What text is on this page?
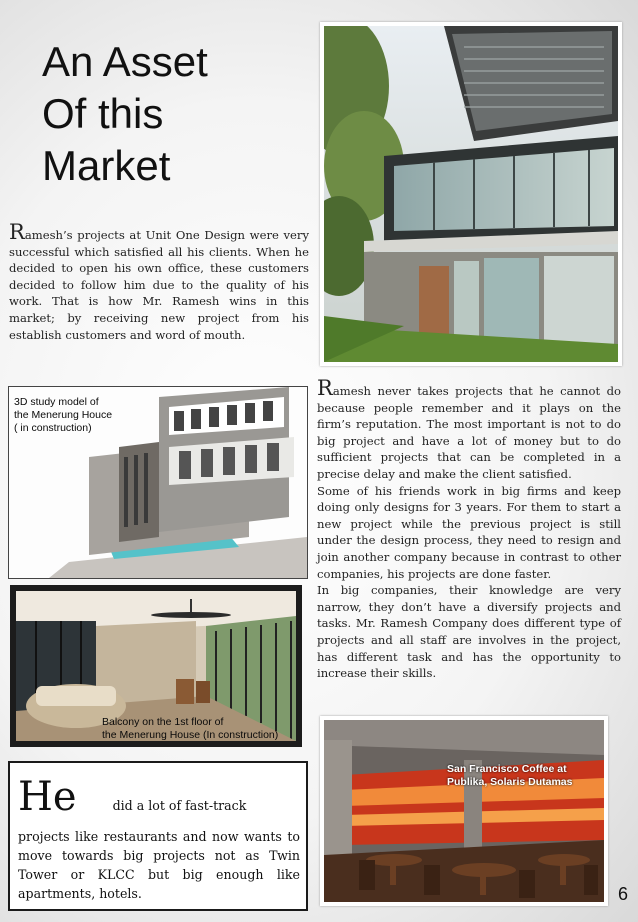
An Asset
Of this
Market

Ramesh’s projects at Unit One Design were very successful which satisfied all his clients. When he decided to open his own office, these customers decided to follow him due to the quality of his work. That is how Mr. Ramesh wins in this market; by receiving new project from his establish customers and word of mouth.

3D study model of
the Menerung Houce
( in construction)

Ramesh never takes projects that he cannot do because people remember and it plays on the firm’s reputation. The most important is not to do big project and have a lot of money but to do sufficient projects that can be completed in a precise delay and make the client satisfied.

Some of his friends work in big firms and keep doing only designs for 3 years. For them to start a new project while the previous project is still under the design process, they need to resign and join another company because in contrast to other companies, his projects are done faster.

In big companies, their knowledge are very narrow, they don’t have a diversify projects and tasks. Mr. Ramesh Company does different type of projects and all staff are involves in the project, has different task and has the opportunity to increase their skills.

Balcony on the 1st floor of
the Menerung House (In construction)
San Francisco Coffee at
Publika, Solaris Dutamas
He	did a lot of fast-track
projects like restaurants and now wants to move towards big projects not as Twin Tower or KLCC but big enough like apartments, hotels.	6
